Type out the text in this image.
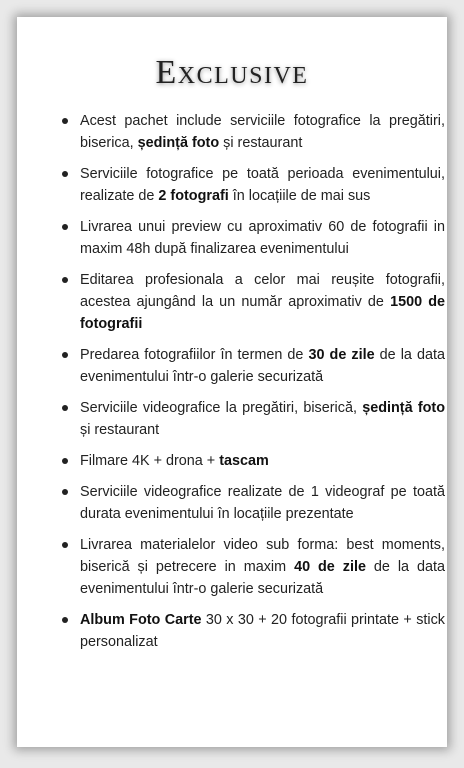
Exclusive
Acest pachet include serviciile fotografice la pregătiri, biserica, ședință foto și restaurant
Serviciile fotografice pe toată perioada evenimentului, realizate de 2 fotografi în locațiile de mai sus
Livrarea unui preview cu aproximativ 60 de fotografii in maxim 48h după finalizarea evenimentului
Editarea profesionala a celor mai reușite fotografii, acestea ajungând la un număr aproximativ de 1500 de fotografii
Predarea fotografiilor în termen de 30 de zile de la data evenimentului într-o galerie securizată
Serviciile videografice la pregătiri, biserică, ședință foto și restaurant
Filmare 4K + drona + tascam
Serviciile videografice realizate de 1 videograf pe toată durata evenimentului în locațiile prezentate
Livrarea materialelor video sub forma: best moments, biserică și petrecere in maxim 40 de zile de la data evenimentului într-o galerie securizată
Album Foto Carte 30 x 30 + 20 fotografii printate + stick personalizat
